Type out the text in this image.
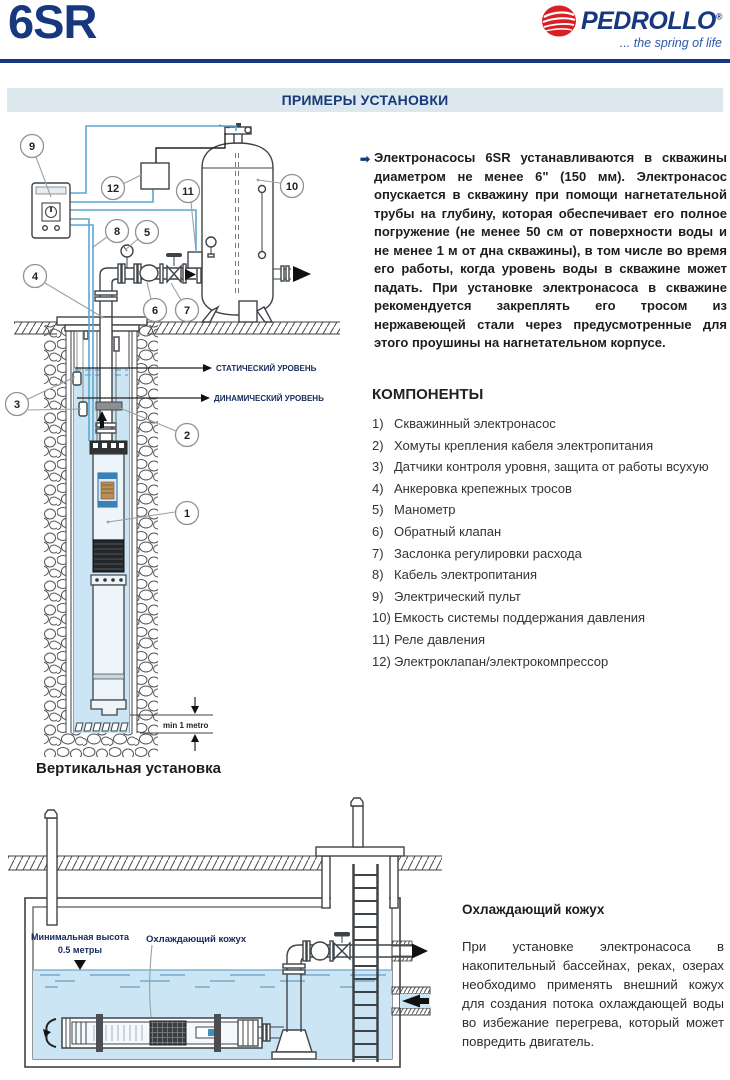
6SR	PEDROLLO®
... the spring of life
ПРИМЕРЫ УСТАНОВКИ
➡ Электронасосы 6SR устанавливаются в скважины диаметром не менее 6" (150 мм). Электронасос опускается в скважину при помощи нагнетательной трубы на глубину, которая обеспечивает его полное погружение (не менее 50 см от поверхности воды и не менее 1 м от дна скважины), в том числе во время его работы, когда уровень воды в скважине может падать. При установке электронасоса в скважине рекомендуется закреплять его тросом из нержавеющей стали через предусмотренные для этого проушины на нагнетательном корпусе.
КОМПОНЕНТЫ
1) Скважинный электронасос
2) Хомуты крепления кабеля электропитания
3) Датчики контроля уровня, защита от работы всухую
4) Анкеровка крепежных тросов
5) Манометр
6) Обратный клапан
7) Заслонка регулировки расхода
8) Кабель электропитания
9) Электрический пульт
10) Емкость системы поддержания давления
11) Реле давления
12) Электроклапан/электрокомпрессор
min 1 metro
СТАТИЧЕСКИЙ УРОВЕНЬ
ДИНАМИЧЕСКИЙ УРОВЕНЬ
9
12	11	10
8 5
4
6 7
3
2
1
Вертикальная установка
Минимальная высота
0.5 метры
Охлаждающий кожух
Охлаждающий кожух
При установке электронасоса в накопительный бассейнах, реках, озерах необходимо применять внешний кожух для создания потока охлаждающей воды во избежание перегрева, который может повредить двигатель.
